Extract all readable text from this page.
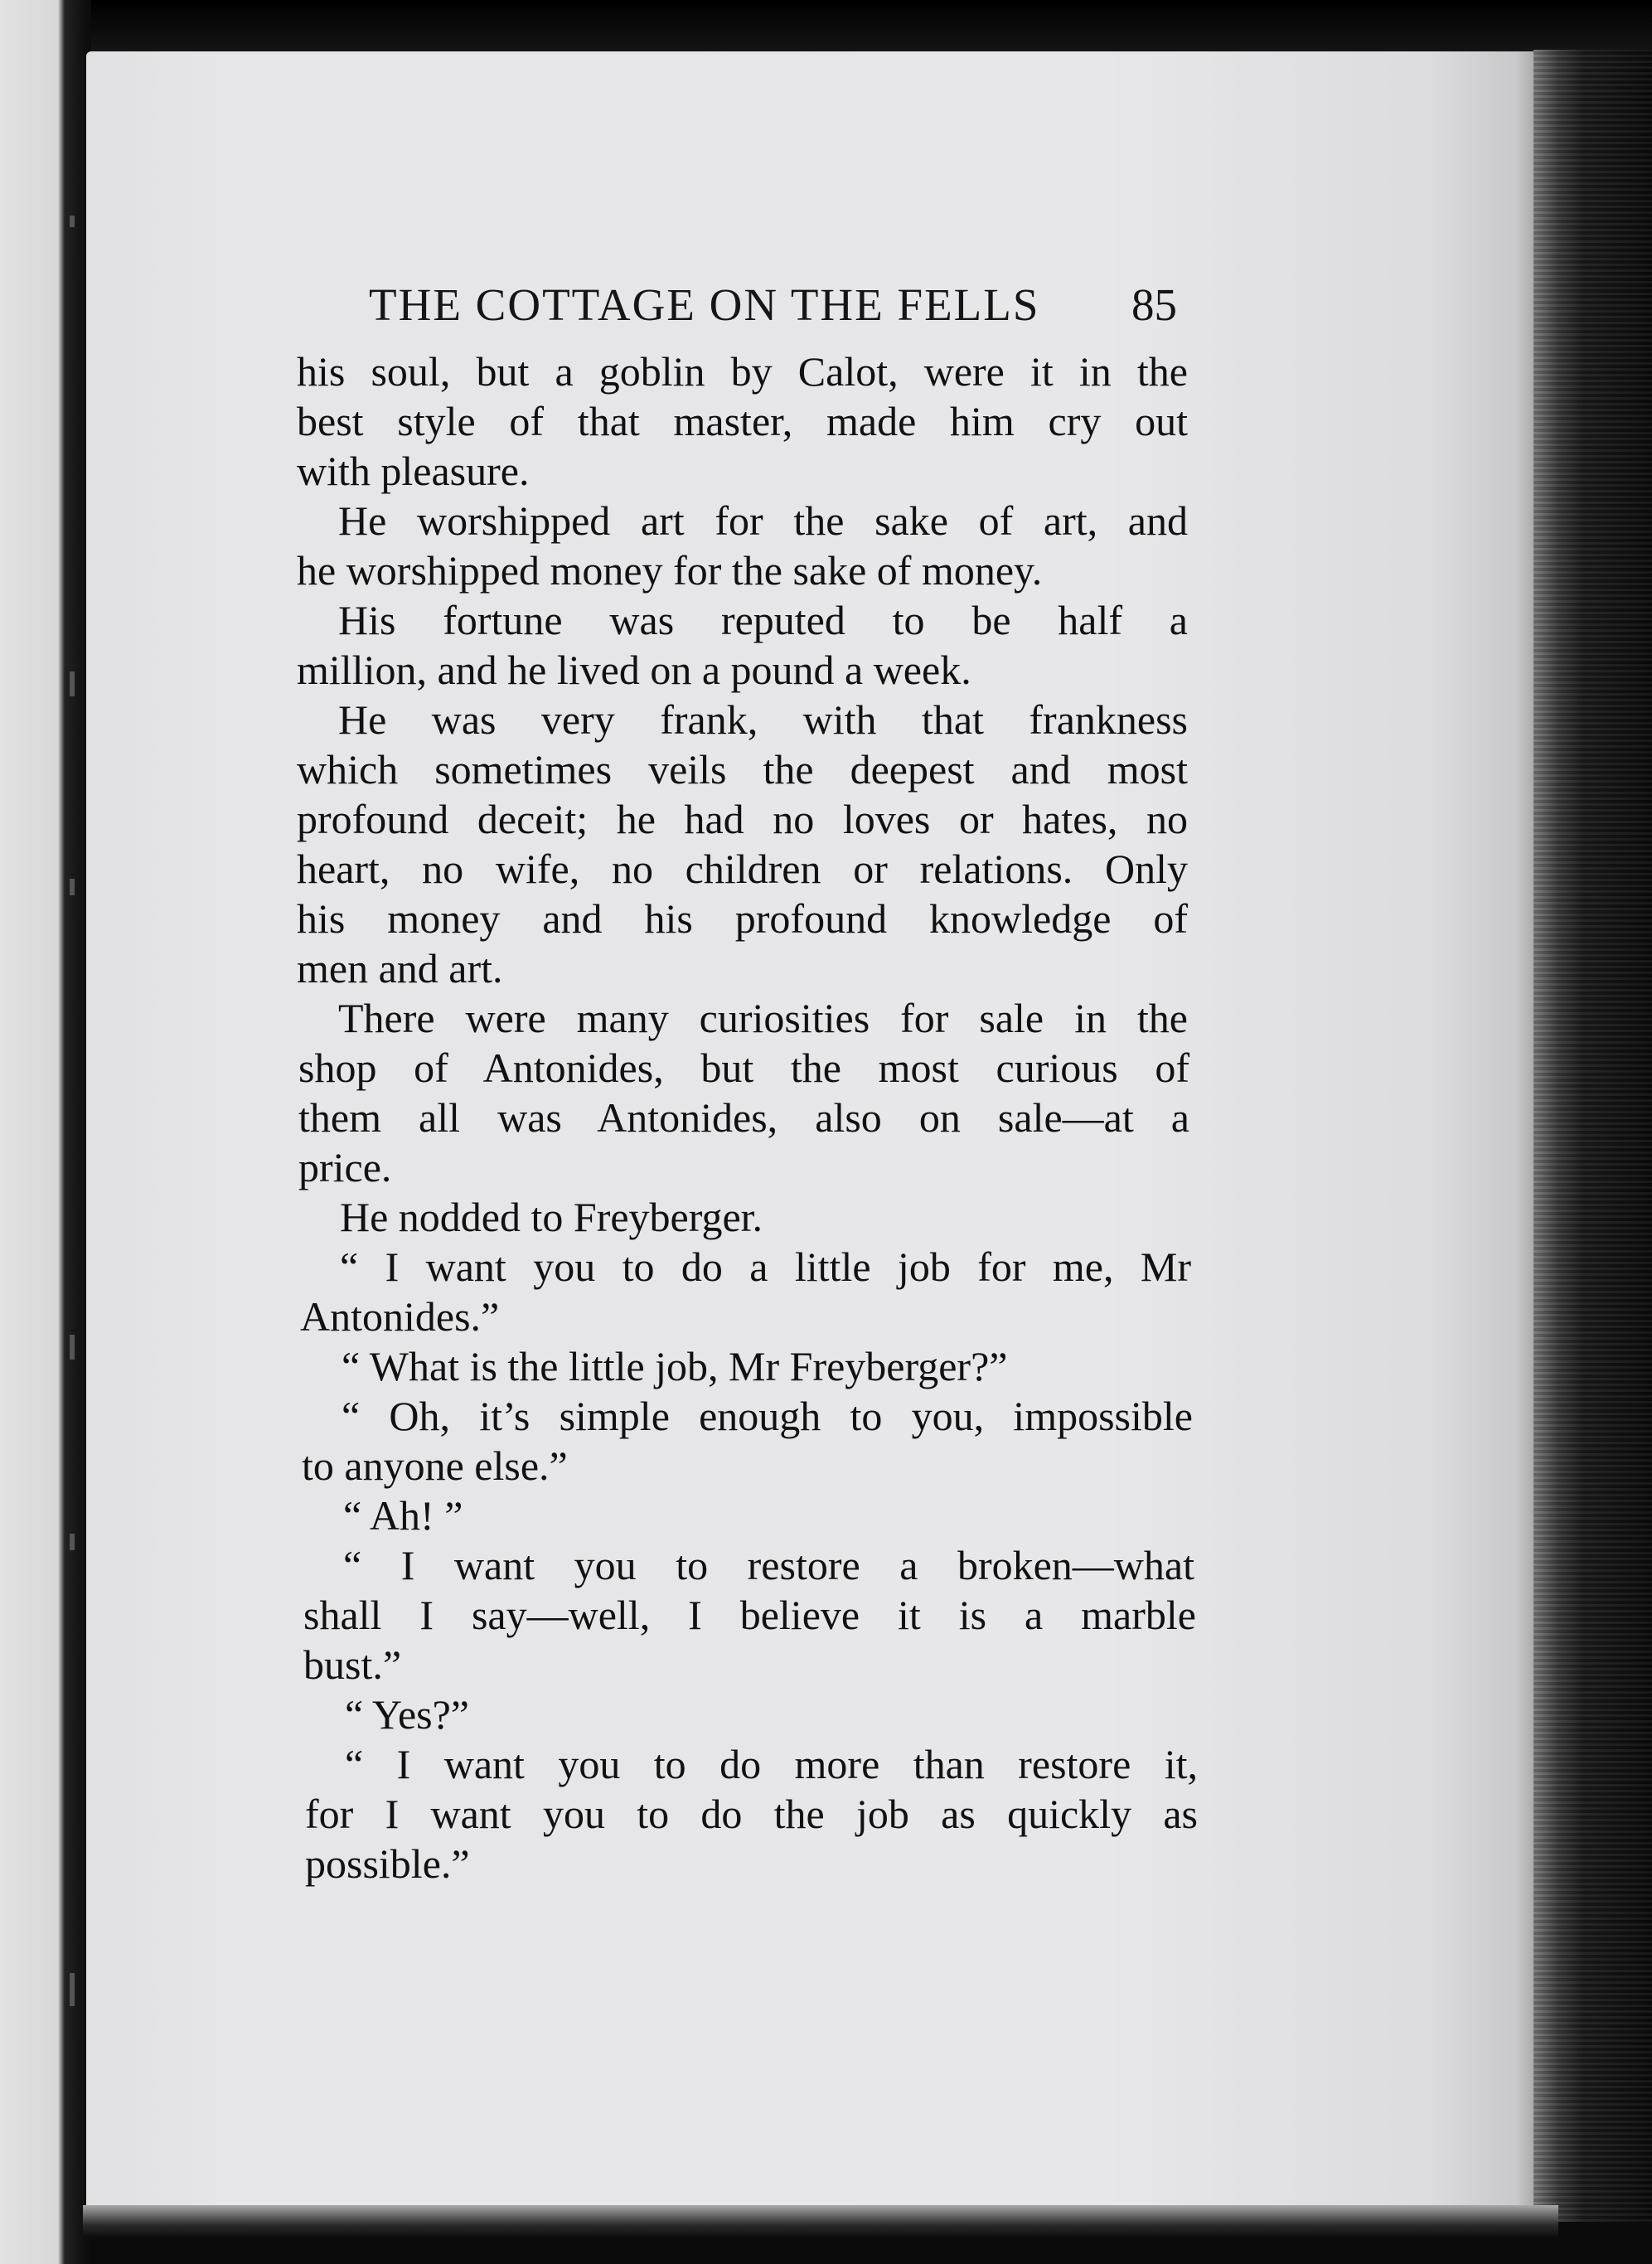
THE COTTAGE ON THE FELLS	85
his soul, but a goblin by Calot, were it in the
best style of that master, made him cry out
with pleasure.
He worshipped art for the sake of art, and
he worshipped money for the sake of money.
His fortune was reputed to be half a
million, and he lived on a pound a week.
He was very frank, with that frankness
which sometimes veils the deepest and most
profound deceit; he had no loves or hates, no
heart, no wife, no children or relations. Only
his money and his profound knowledge of
men and art.
There were many curiosities for sale in the
shop of Antonides, but the most curious of
them all was Antonides, also on sale—at a
price.
He nodded to Freyberger.
“ I want you to do a little job for me, Mr
Antonides.”
“ What is the little job, Mr Freyberger?”
“ Oh, it’s simple enough to you, impossible
to anyone else.”
“ Ah! ”
“ I want you to restore a broken—what
shall I say—well, I believe it is a marble
bust.”
“ Yes?”
“ I want you to do more than restore it,
for I want you to do the job as quickly as
possible.”
